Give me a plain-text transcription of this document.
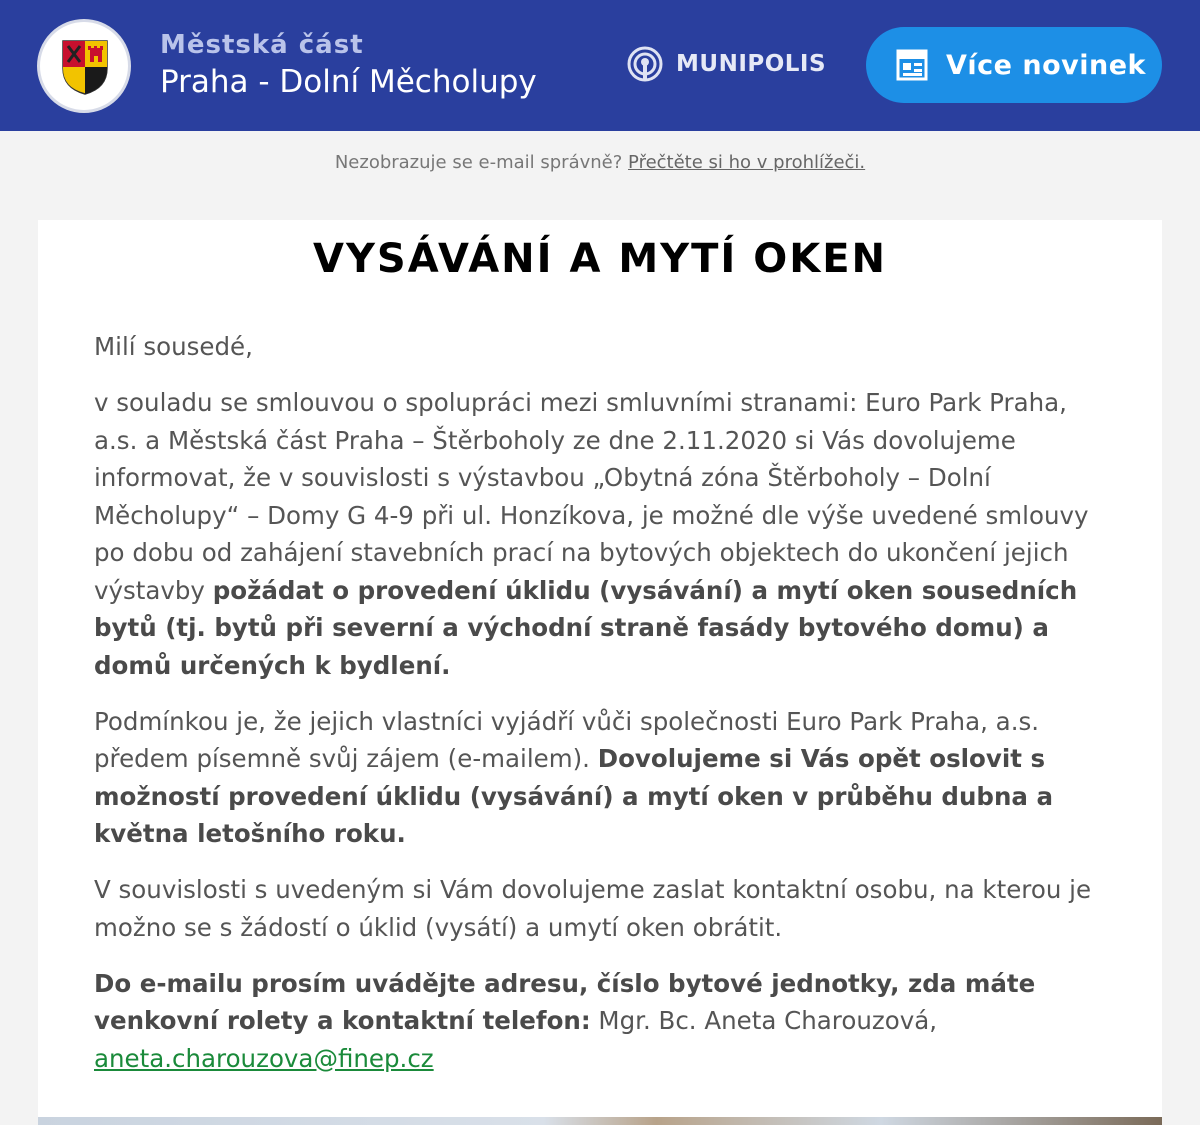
Městská část
Praha - Dolní Měcholupy	MUNIPOLIS	Více novinek
Nezobrazuje se e-mail správně? Přečtěte si ho v prohlížeči.
VYSÁVÁNÍ A MYTÍ OKEN

Milí sousedé,

v souladu se smlouvou o spolupráci mezi smluvními stranami: Euro Park Praha, a.s. a Městská část Praha – Štěrboholy ze dne 2.11.2020 si Vás dovolujeme informovat, že v souvislosti s výstavbou „Obytná zóna Štěrboholy – Dolní Měcholupy“ – Domy G 4-9 při ul. Honzíkova, je možné dle výše uvedené smlouvy po dobu od zahájení stavebních prací na bytových objektech do ukončení jejich výstavby požádat o provedení úklidu (vysávání) a mytí oken sousedních bytů (tj. bytů při severní a východní straně fasády bytového domu) a domů určených k bydlení.

Podmínkou je, že jejich vlastníci vyjádří vůči společnosti Euro Park Praha, a.s. předem písemně svůj zájem (e-mailem). Dovolujeme si Vás opět oslovit s možností provedení úklidu (vysávání) a mytí oken v průběhu dubna a května letošního roku.

V souvislosti s uvedeným si Vám dovolujeme zaslat kontaktní osobu, na kterou je možno se s žádostí o úklid (vysátí) a umytí oken obrátit.

Do e-mailu prosím uvádějte adresu, číslo bytové jednotky, zda máte venkovní rolety a kontaktní telefon: Mgr. Bc. Aneta Charouzová,
aneta.charouzova@finep.cz
